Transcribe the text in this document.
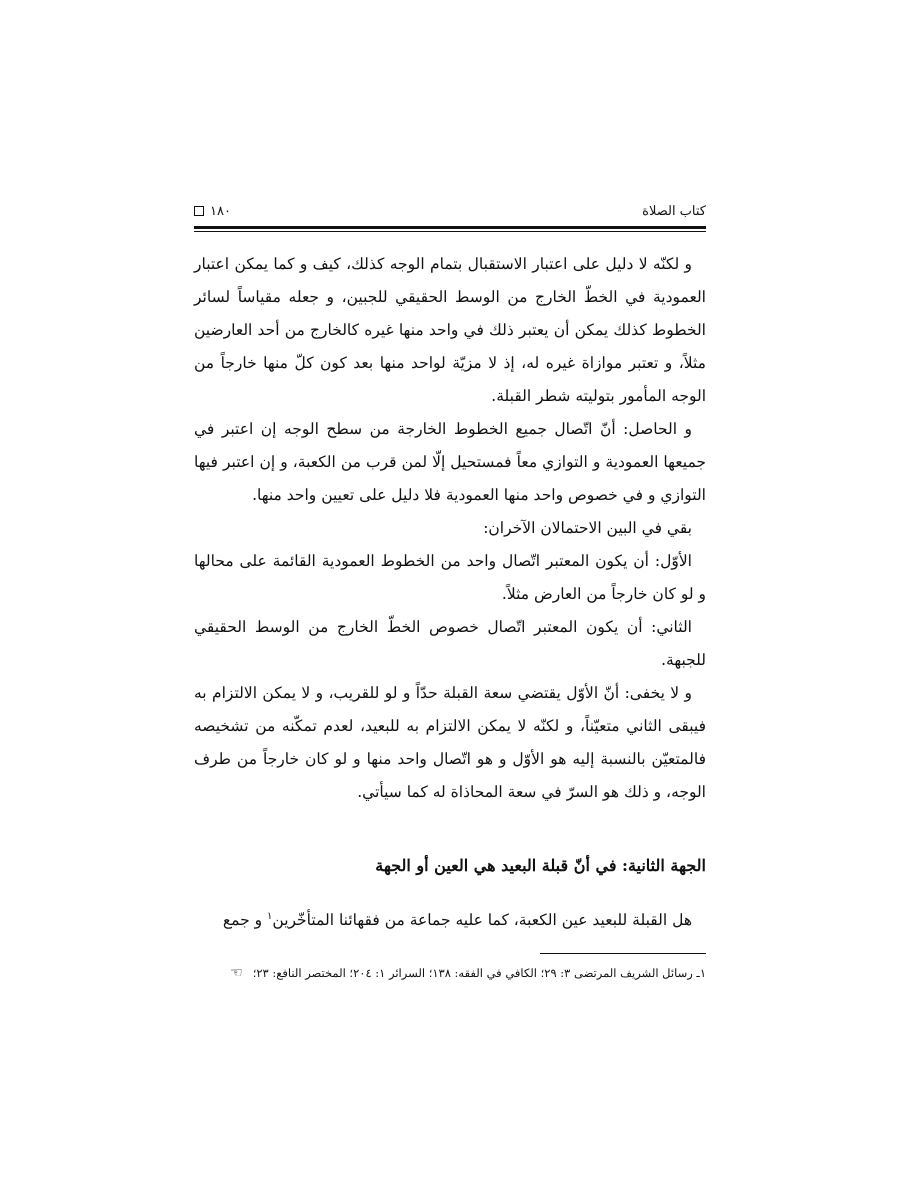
١٨٠	كتاب الصلاة

و لكنّه لا دليل على اعتبار الاستقبال بتمام الوجه كذلك، كيف و كما يمكن اعتبار العمودية في الخطّ الخارج من الوسط الحقيقي للجبين، و جعله مقياساً لسائر الخطوط كذلك يمكن أن يعتبر ذلك في واحد منها غيره كالخارج من أحد العارضين مثلاً، و تعتبر موازاة غيره له، إذ لا مزيّة لواحد منها بعد كون كلّ منها خارجاً من الوجه المأمور بتوليته شطر القبلة.

و الحاصل: أنّ اتّصال جميع الخطوط الخارجة من سطح الوجه إن اعتبر في جميعها العمودية و التوازي معاً فمستحيل إلّا لمن قرب من الكعبة، و إن اعتبر فيها التوازي و في خصوص واحد منها العمودية فلا دليل على تعيين واحد منها.

بقي في البين الاحتمالان الآخران:

الأوّل: أن يكون المعتبر اتّصال واحد من الخطوط العمودية القائمة على محالها و لو كان خارجاً من العارض مثلاً.

الثاني: أن يكون المعتبر اتّصال خصوص الخطّ الخارج من الوسط الحقيقي للجبهة.

و لا يخفى: أنّ الأوّل يقتضي سعة القبلة حدّاً و لو للقريب، و لا يمكن الالتزام به فيبقى الثاني متعيّناً، و لكنّه لا يمكن الالتزام به للبعيد، لعدم تمكّنه من تشخيصه فالمتعيّن بالنسبة إليه هو الأوّل و هو اتّصال واحد منها و لو كان خارجاً من طرف الوجه، و ذلك هو السرّ في سعة المحاذاة له كما سيأتي.

الجهة الثانية: في أنّ قبلة البعيد هي العين أو الجهة
هل القبلة للبعيد عين الكعبة، كما عليه جماعة من فقهائنا المتأخّرين$^١$ و جمع
١ـ رسائل الشريف المرتضى ٣: ٢٩؛ الكافي في الفقه: ١٣٨؛ السرائر ١: ٢٠٤؛ المختصر النافع: ٢٣؛
☜
